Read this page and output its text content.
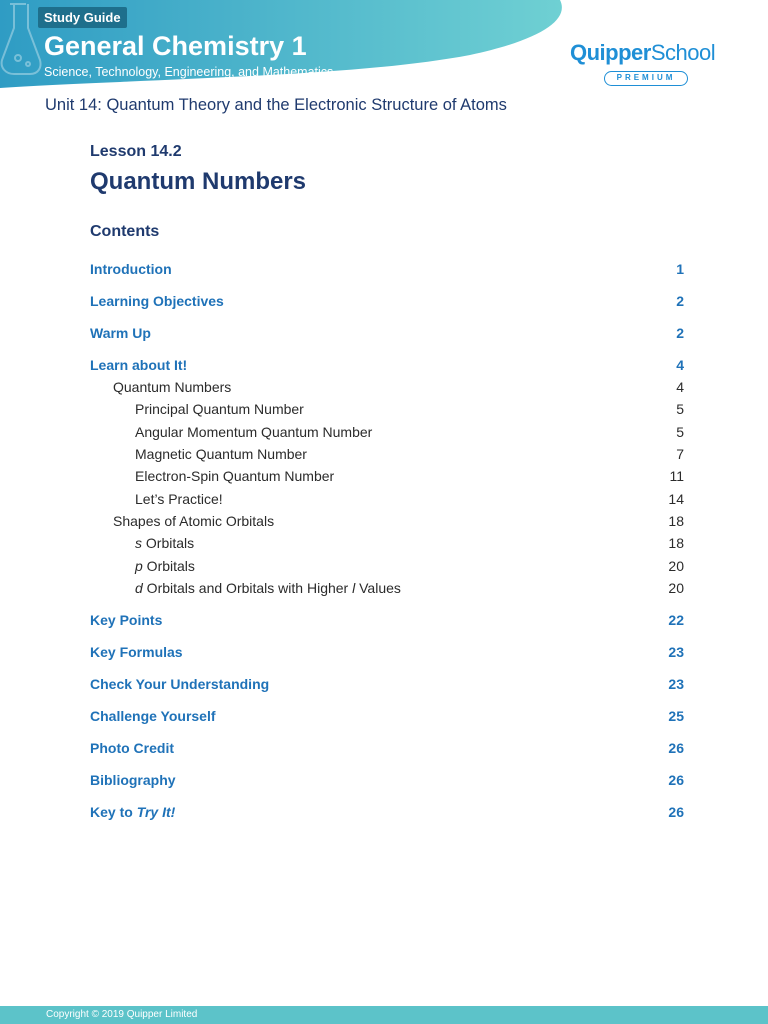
Study Guide
General Chemistry 1
Science, Technology, Engineering, and Mathematics
QuipperSchool
PREMIUM
Unit 14: Quantum Theory and the Electronic Structure of Atoms
Lesson 14.2
Quantum Numbers
Contents
Introduction	1
Learning Objectives	2
Warm Up	2
Learn about It!	4
Quantum Numbers	4
Principal Quantum Number	5
Angular Momentum Quantum Number	5
Magnetic Quantum Number	7
Electron-Spin Quantum Number	11
Let’s Practice!	14
Shapes of Atomic Orbitals	18
s Orbitals	18
p Orbitals	20
d Orbitals and Orbitals with Higher l Values	20
Key Points	22
Key Formulas	23
Check Your Understanding	23
Challenge Yourself	25
Photo Credit	26
Bibliography	26
Key to Try It!	26
Copyright © 2019 Quipper Limited
